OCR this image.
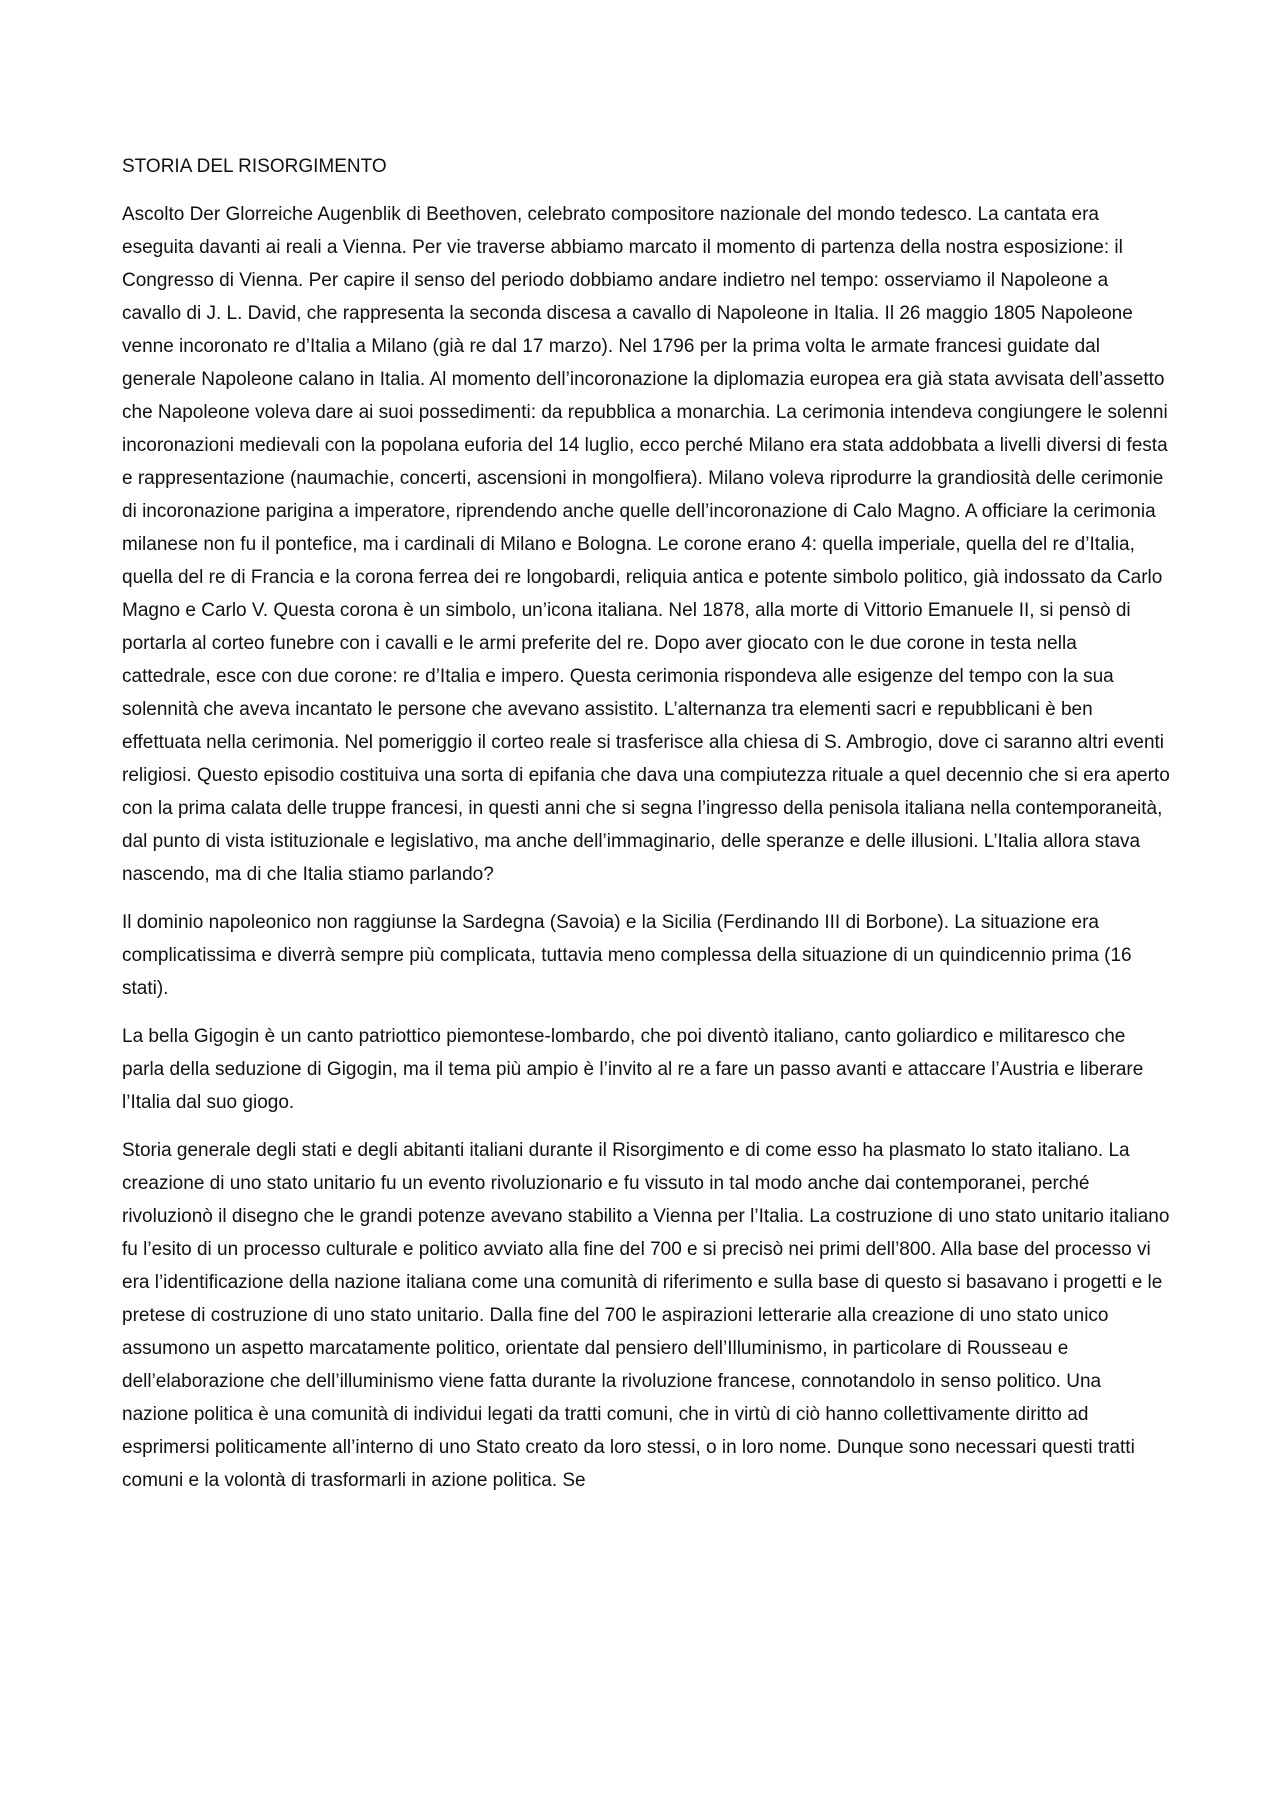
STORIA DEL RISORGIMENTO

Ascolto Der Glorreiche Augenblik di Beethoven, celebrato compositore nazionale del mondo tedesco. La cantata era eseguita davanti ai reali a Vienna. Per vie traverse abbiamo marcato il momento di partenza della nostra esposizione: il Congresso di Vienna. Per capire il senso del periodo dobbiamo andare indietro nel tempo: osserviamo il Napoleone a cavallo di J. L. David, che rappresenta la seconda discesa a cavallo di Napoleone in Italia. Il 26 maggio 1805 Napoleone venne incoronato re d’Italia a Milano (già re dal 17 marzo). Nel 1796 per la prima volta le armate francesi guidate dal generale Napoleone calano in Italia. Al momento dell’incoronazione la diplomazia europea era già stata avvisata dell’assetto che Napoleone voleva dare ai suoi possedimenti: da repubblica a monarchia. La cerimonia intendeva congiungere le solenni incoronazioni medievali con la popolana euforia del 14 luglio, ecco perché Milano era stata addobbata a livelli diversi di festa e rappresentazione (naumachie, concerti, ascensioni in mongolfiera). Milano voleva riprodurre la grandiosità delle cerimonie di incoronazione parigina a imperatore, riprendendo anche quelle dell’incoronazione di Calo Magno. A officiare la cerimonia milanese non fu il pontefice, ma i cardinali di Milano e Bologna. Le corone erano 4: quella imperiale, quella del re d’Italia, quella del re di Francia e la corona ferrea dei re longobardi, reliquia antica e potente simbolo politico, già indossato da Carlo Magno e Carlo V. Questa corona è un simbolo, un’icona italiana. Nel 1878, alla morte di Vittorio Emanuele II, si pensò di portarla al corteo funebre con i cavalli e le armi preferite del re. Dopo aver giocato con le due corone in testa nella cattedrale, esce con due corone: re d’Italia e impero. Questa cerimonia rispondeva alle esigenze del tempo con la sua solennità che aveva incantato le persone che avevano assistito. L’alternanza tra elementi sacri e repubblicani è ben effettuata nella cerimonia. Nel pomeriggio il corteo reale si trasferisce alla chiesa di S. Ambrogio, dove ci saranno altri eventi religiosi. Questo episodio costituiva una sorta di epifania che dava una compiutezza rituale a quel decennio che si era aperto con la prima calata delle truppe francesi, in questi anni che si segna l’ingresso della penisola italiana nella contemporaneità, dal punto di vista istituzionale e legislativo, ma anche dell’immaginario, delle speranze e delle illusioni. L’Italia allora stava nascendo, ma di che Italia stiamo parlando?

Il dominio napoleonico non raggiunse la Sardegna (Savoia) e la Sicilia (Ferdinando III di Borbone). La situazione era complicatissima e diverrà sempre più complicata, tuttavia meno complessa della situazione di un quindicennio prima (16 stati).

La bella Gigogin è un canto patriottico piemontese-lombardo, che poi diventò italiano, canto goliardico e militaresco che parla della seduzione di Gigogin, ma il tema più ampio è l’invito al re a fare un passo avanti e attaccare l’Austria e liberare l’Italia dal suo giogo.

Storia generale degli stati e degli abitanti italiani durante il Risorgimento e di come esso ha plasmato lo stato italiano. La creazione di uno stato unitario fu un evento rivoluzionario e fu vissuto in tal modo anche dai contemporanei, perché rivoluzionò il disegno che le grandi potenze avevano stabilito a Vienna per l’Italia. La costruzione di uno stato unitario italiano fu l’esito di un processo culturale e politico avviato alla fine del 700 e si precisò nei primi dell’800. Alla base del processo vi era l’identificazione della nazione italiana come una comunità di riferimento e sulla base di questo si basavano i progetti e le pretese di costruzione di uno stato unitario. Dalla fine del 700 le aspirazioni letterarie alla creazione di uno stato unico assumono un aspetto marcatamente politico, orientate dal pensiero dell’Illuminismo, in particolare di Rousseau e dell’elaborazione che dell’illuminismo viene fatta durante la rivoluzione francese, connotandolo in senso politico. Una nazione politica è una comunità di individui legati da tratti comuni, che in virtù di ciò hanno collettivamente diritto ad esprimersi politicamente all’interno di uno Stato creato da loro stessi, o in loro nome. Dunque sono necessari questi tratti comuni e la volontà di trasformarli in azione politica. Se
